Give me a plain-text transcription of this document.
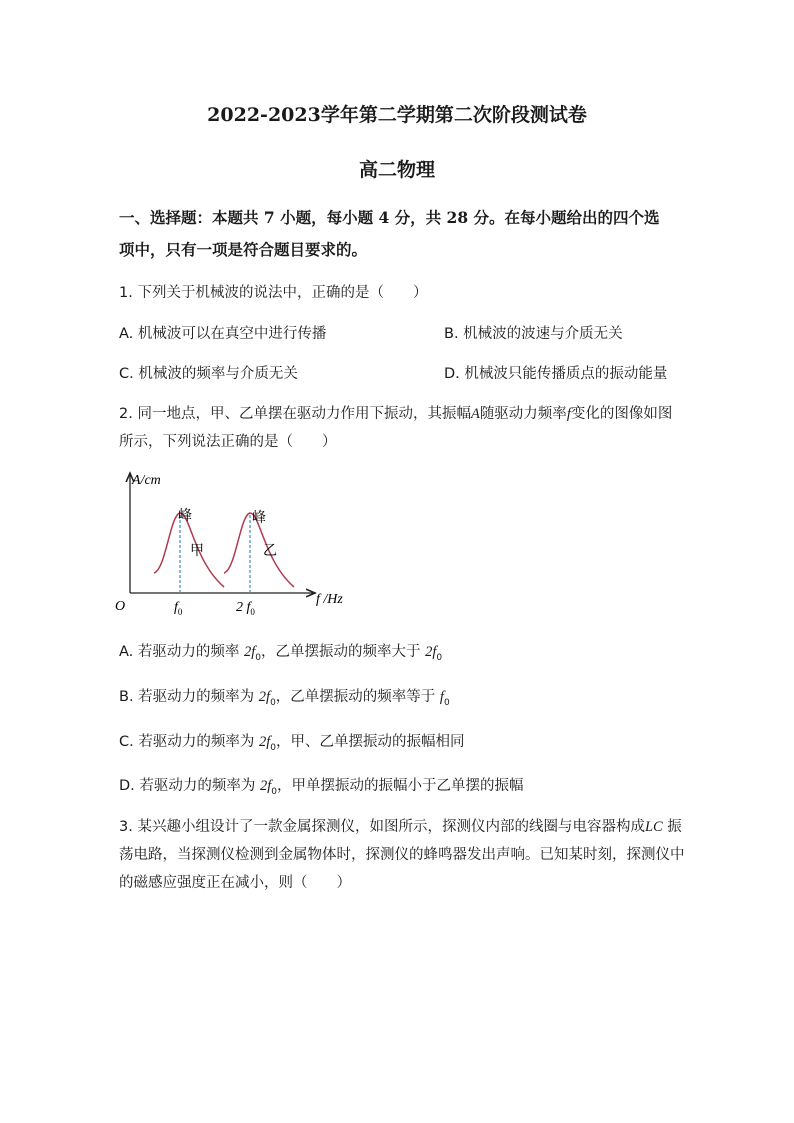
2022-2023学年第二学期第二次阶段测试卷
高二物理
一、选择题：本题共 7 小题，每小题 4 分，共 28 分。在每小题给出的四个选
项中，只有一项是符合题目要求的。
1. 下列关于机械波的说法中，正确的是（　　）
A. 机械波可以在真空中进行传播	B. 机械波的波速与介质无关
C. 机械波的频率与介质无关	D. 机械波只能传播质点的振动能量
2. 同一地点，甲、乙单摆在驱动力作用下振动，其振幅A随驱动力频率f变化的图像如图
所示，下列说法正确的是（　　）
A/cm
O	f /Hz
$f_0$	2 $f_0$
峰	峰
甲	乙
A. 若驱动力的频率 $2f_0$，乙单摆振动的频率大于 $2f_0$
B. 若驱动力的频率为 $2f_0$，乙单摆振动的频率等于 $f_0$
C. 若驱动力的频率为 $2f_0$，甲、乙单摆振动的振幅相同
D. 若驱动力的频率为 $2f_0$，甲单摆振动的振幅小于乙单摆的振幅
3. 某兴趣小组设计了一款金属探测仪，如图所示，探测仪内部的线圈与电容器构成LC 振
荡电路，当探测仪检测到金属物体时，探测仪的蜂鸣器发出声响。已知某时刻，探测仪中
的磁感应强度正在减小，则（　　）
